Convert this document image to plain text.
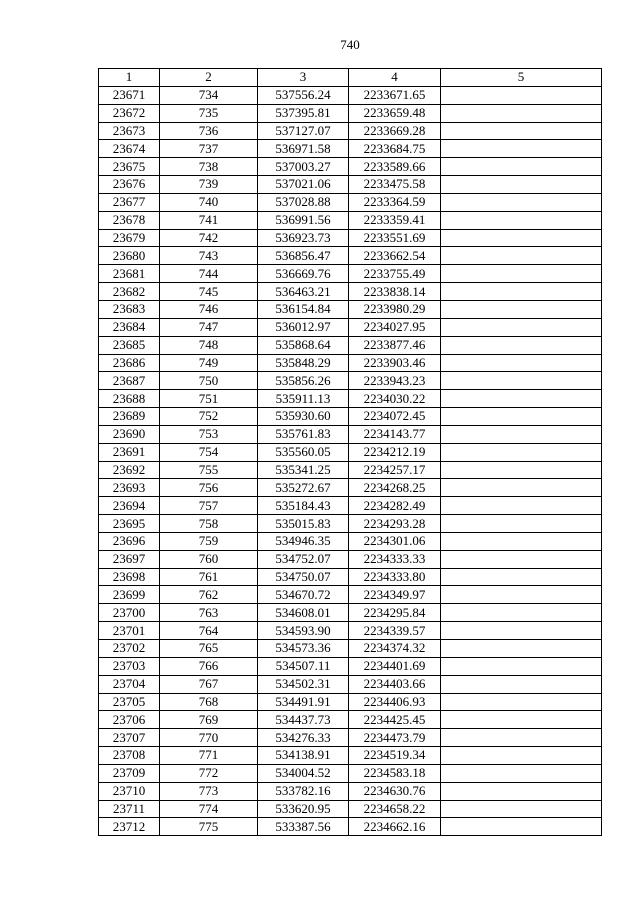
740
1	2	3	4	5
23671	734	537556.24	2233671.65	
23672	735	537395.81	2233659.48	
23673	736	537127.07	2233669.28	
23674	737	536971.58	2233684.75	
23675	738	537003.27	2233589.66	
23676	739	537021.06	2233475.58	
23677	740	537028.88	2233364.59	
23678	741	536991.56	2233359.41	
23679	742	536923.73	2233551.69	
23680	743	536856.47	2233662.54	
23681	744	536669.76	2233755.49	
23682	745	536463.21	2233838.14	
23683	746	536154.84	2233980.29	
23684	747	536012.97	2234027.95	
23685	748	535868.64	2233877.46	
23686	749	535848.29	2233903.46	
23687	750	535856.26	2233943.23	
23688	751	535911.13	2234030.22	
23689	752	535930.60	2234072.45	
23690	753	535761.83	2234143.77	
23691	754	535560.05	2234212.19	
23692	755	535341.25	2234257.17	
23693	756	535272.67	2234268.25	
23694	757	535184.43	2234282.49	
23695	758	535015.83	2234293.28	
23696	759	534946.35	2234301.06	
23697	760	534752.07	2234333.33	
23698	761	534750.07	2234333.80	
23699	762	534670.72	2234349.97	
23700	763	534608.01	2234295.84	
23701	764	534593.90	2234339.57	
23702	765	534573.36	2234374.32	
23703	766	534507.11	2234401.69	
23704	767	534502.31	2234403.66	
23705	768	534491.91	2234406.93	
23706	769	534437.73	2234425.45	
23707	770	534276.33	2234473.79	
23708	771	534138.91	2234519.34	
23709	772	534004.52	2234583.18	
23710	773	533782.16	2234630.76	
23711	774	533620.95	2234658.22	
23712	775	533387.56	2234662.16	
